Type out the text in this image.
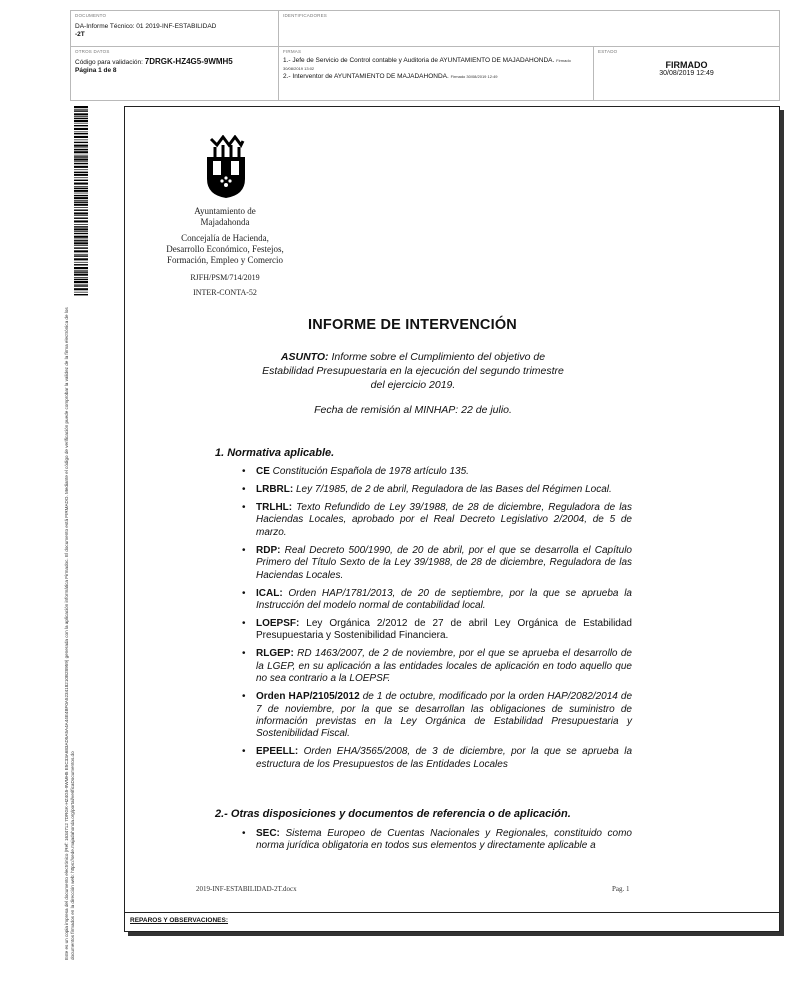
DOCUMENTO
DA-Informe Técnico: 01 2019-INF-ESTABILIDAD
-2T
IDENTIFICADORES
OTROS DATOS
Código para validación: 7DRGK-HZ4G5-9WMH5
Página 1 de 8
FIRMAS
1.- Jefe de Servicio de Control contable y Auditoria de AYUNTAMIENTO DE MAJADAHONDA. Firmado 30/08/2019 13:02
2.- Interventor de AYUNTAMIENTO DE MAJADAHONDA. Firmado 30/08/2019 12:49
ESTADO
FIRMADO
30/08/2019 12:49
Este es un copia impresa del documento electrónico (Ref: 1634712 7DRGK-HZ4G5-9WMH5 E5C33A683AD5A5A4A44E4BF0A523418210B28959) generada con la aplicación informática Firmadoc. El documento está FIRMADO. Mediante el código de verificación puede comprobar la validez de la firma electrónica de los documentos firmados en la dirección web: https://sede.majadahonda.org/portal/verificaDocumentos.do
Ayuntamiento de
Majadahonda
Concejalía de Hacienda,
Desarrollo Económico, Festejos,
Formación, Empleo y Comercio
RJFH/PSM/714/2019
INTER-CONTA-52
INFORME DE INTERVENCIÓN
ASUNTO: Informe sobre el Cumplimiento del objetivo de Estabilidad Presupuestaria en la ejecución del segundo trimestre del ejercicio 2019.
Fecha de remisión al MINHAP: 22 de julio.
1. Normativa aplicable.
• CE Constitución Española de 1978 artículo 135.
• LRBRL: Ley 7/1985, de 2 de abril, Reguladora de las Bases del Régimen Local.
• TRLHL: Texto Refundido de Ley 39/1988, de 28 de diciembre, Reguladora de las Haciendas Locales, aprobado por el Real Decreto Legislativo 2/2004, de 5 de marzo.
• RDP: Real Decreto 500/1990, de 20 de abril, por el que se desarrolla el Capítulo Primero del Título Sexto de la Ley 39/1988, de 28 de diciembre, Reguladora de las Haciendas Locales.
• ICAL: Orden HAP/1781/2013, de 20 de septiembre, por la que se aprueba la Instrucción del modelo normal de contabilidad local.
• LOEPSF: Ley Orgánica 2/2012 de 27 de abril Ley Orgánica de Estabilidad Presupuestaria y Sostenibilidad Financiera.
• RLGEP: RD 1463/2007, de 2 de noviembre, por el que se aprueba el desarrollo de la LGEP, en su aplicación a las entidades locales de aplicación en todo aquello que no sea contrario a la LOEPSF.
• Orden HAP/2105/2012 de 1 de octubre, modificado por la orden HAP/2082/2014 de 7 de noviembre, por la que se desarrollan las obligaciones de suministro de información previstas en la Ley Orgánica de Estabilidad Presupuestaria y Sostenibilidad Fiscal.
• EPEELL: Orden EHA/3565/2008, de 3 de diciembre, por la que se aprueba la estructura de los Presupuestos de las Entidades Locales
2.- Otras disposiciones y documentos de referencia o de aplicación.
• SEC: Sistema Europeo de Cuentas Nacionales y Regionales, constituido como norma jurídica obligatoria en todos sus elementos y directamente aplicable a
2019-INF-ESTABILIDAD-2T.docx	Pag. 1
REPAROS Y OBSERVACIONES:
